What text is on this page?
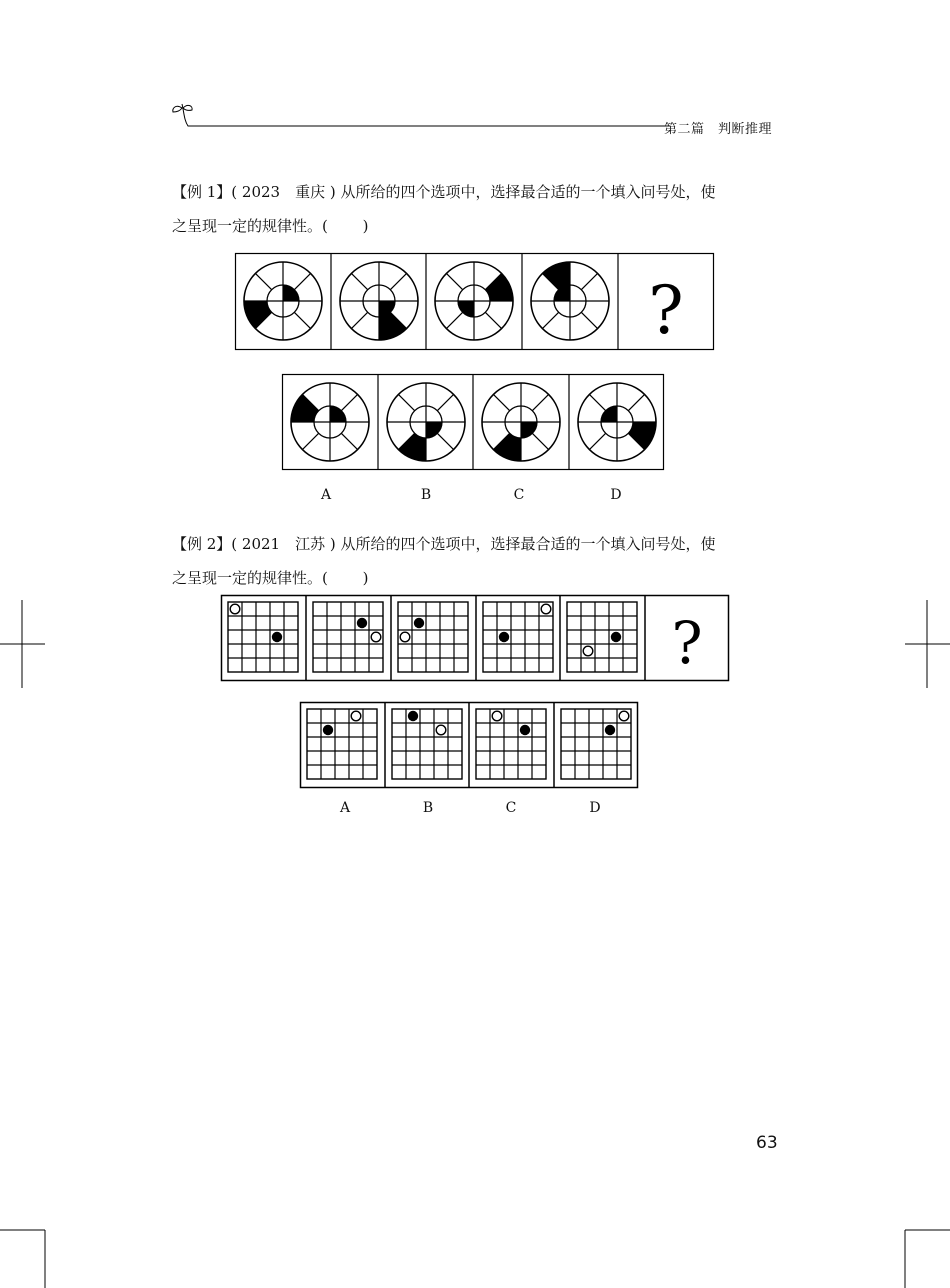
第二篇　判断推理
【例 1】( 2023　重庆 ) 从所给的四个选项中，选择最合适的一个填入问号处，使
之呈现一定的规律性。(　　 )
?
A	B	C	D
【例 2】( 2021　江苏 ) 从所给的四个选项中，选择最合适的一个填入问号处，使
之呈现一定的规律性。(　　 )
?
A	B	C	D
63
